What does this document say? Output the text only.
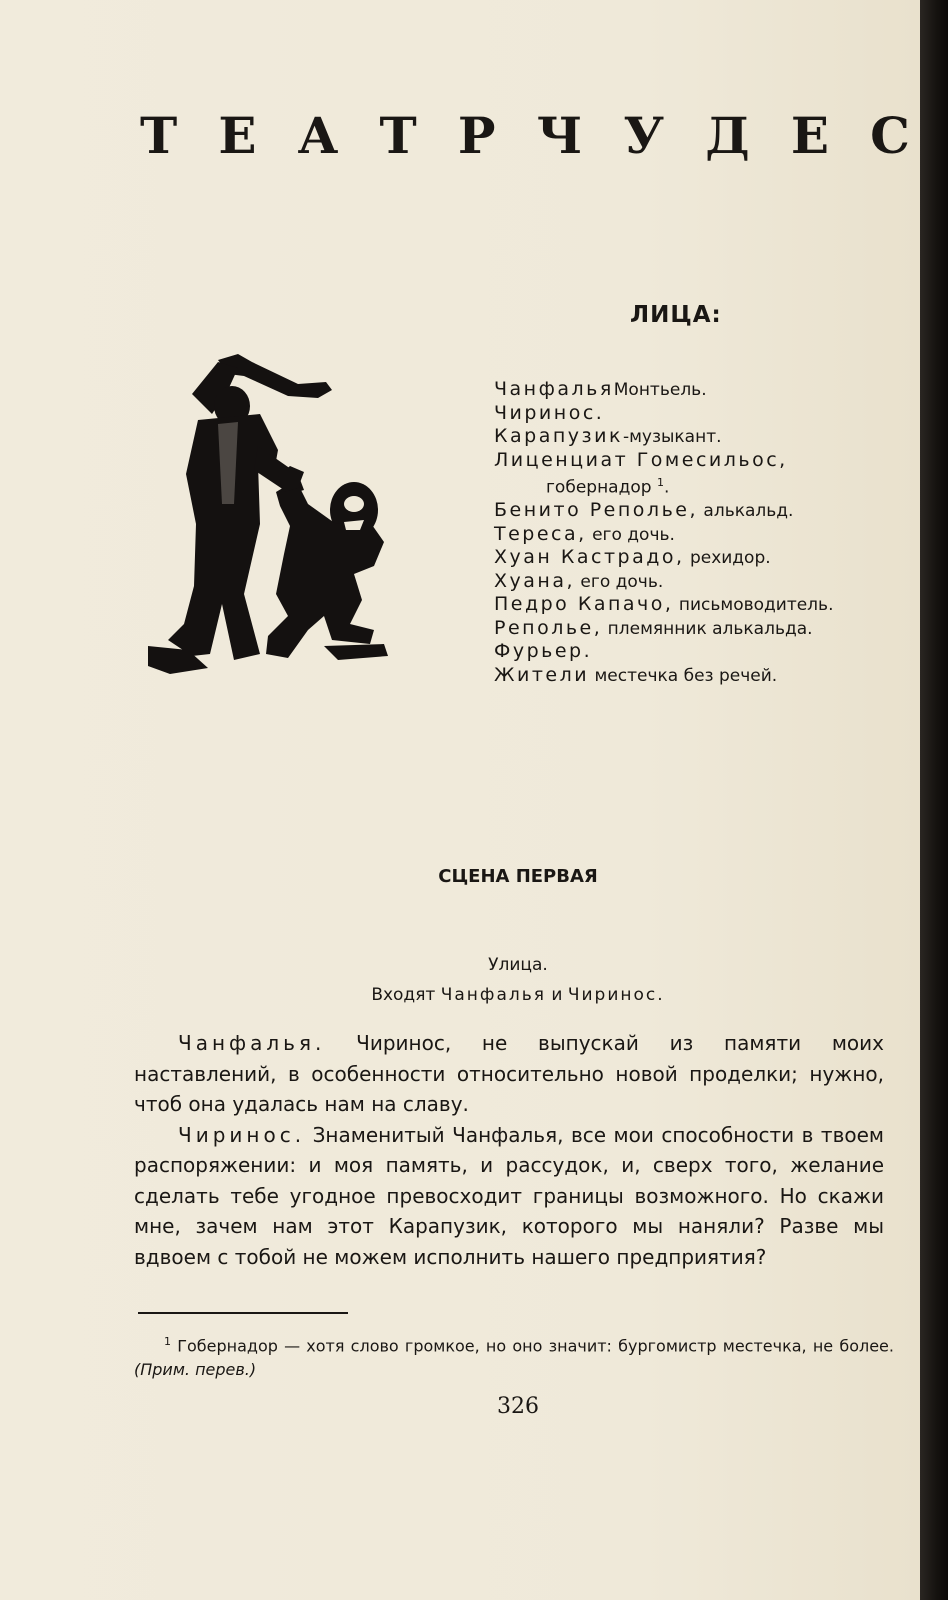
Т Е А Т Р Ч У Д Е С
ЛИЦА:
ЧанфальяМонтьель.
Чиринос.
Карапузик-музыкант.
Лиценциат Гомесильос,
гобернадор $^1$.
Бенито Реполье, алькальд.
Тереса, его дочь.
Хуан Кастрадо, рехидор.
Хуана, его дочь.
Педро Капачо, письмоводитель.
Реполье, племянник алькальда.
Фурьер.
Жители местечка без речей.
СЦЕНА ПЕРВАЯ

Улица.

Входят Чанфалья и Чиринос.

Чанфалья. Чиринос, не выпускай из памяти моих наставлений, в особенности относительно новой проделки; нужно, чтоб она удалась нам на славу.

Чиринос. Знаменитый Чанфалья, все мои способности в твоем распоряжении: и моя память, и рассудок, и, сверх того, желание сделать тебе угодное превосходит границы возможного. Но скажи мне, зачем нам этот Карапузик, которого мы наняли? Разве мы вдвоем с тобой не можем исполнить нашего предприятия?

$^1$ Гобернадор — хотя слово громкое, но оно значит: бургомистр местечка, не более. (Прим. перев.)

326
